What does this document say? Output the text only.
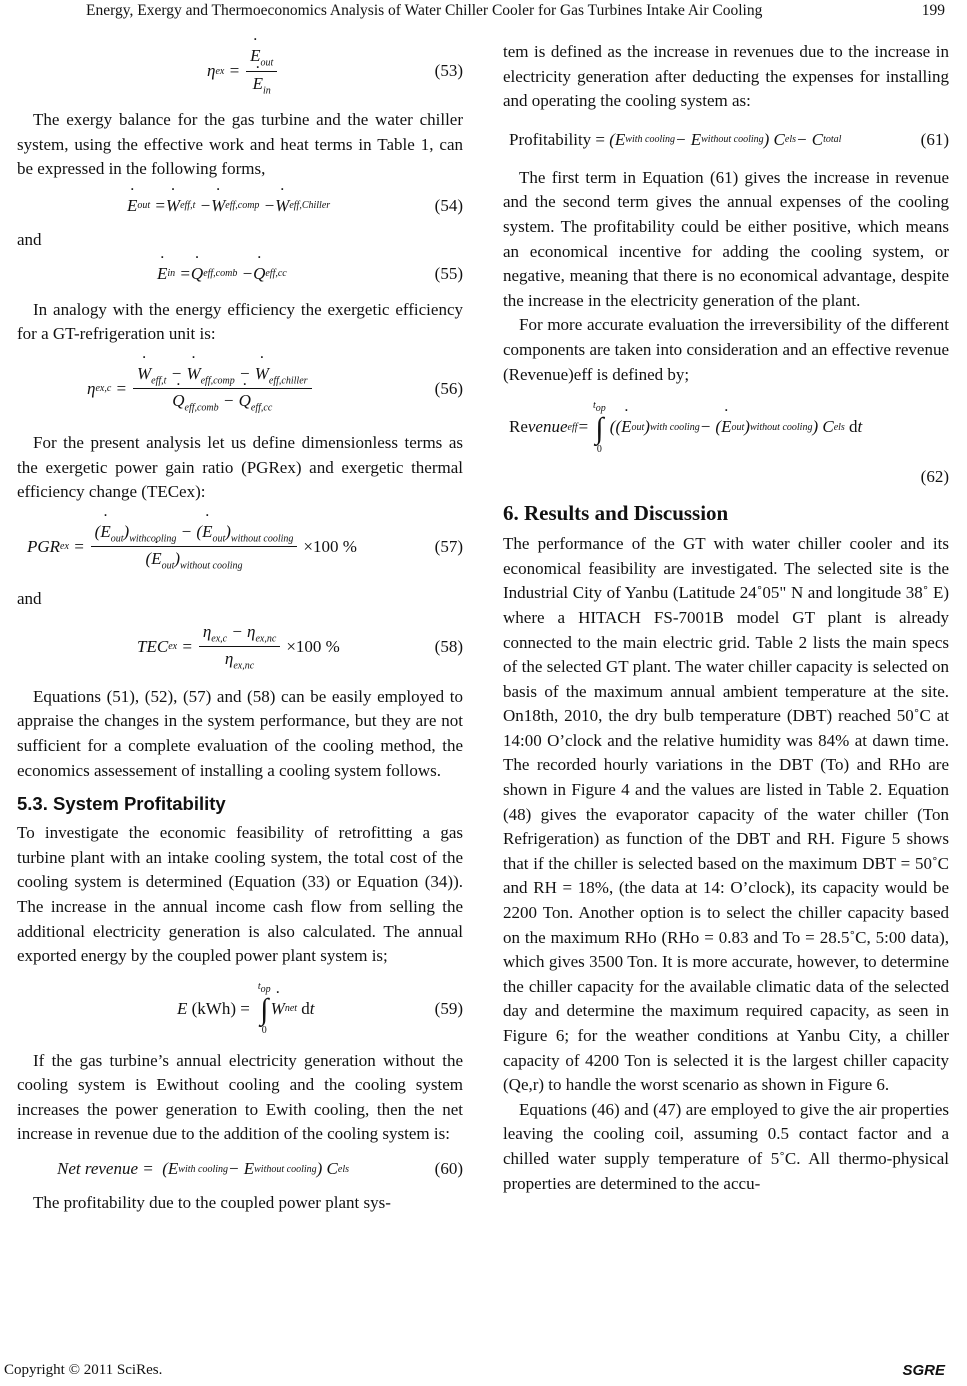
Energy, Exergy and Thermoeconomics Analysis of Water Chiller Cooler for Gas Turbines Intake Air Cooling	199
η ex = ˙ $E_{out}$
˙ $E_{in}$	(53)

The exergy balance for the gas turbine and the water chiller system, using the effective work and heat terms in Table 1, can be expressed in the following forms,

˙ E out = ˙ W eff,t − ˙ W eff,comp − ˙ W eff,Chiller	(54)

and

˙ E in = ˙ Q eff,comb − ˙ Q eff,cc	(55)

In analogy with the energy efficiency the exergetic efficiency for a GT-refrigeration unit is:

η ex,c = ˙ $W_{eff,t}$ − ˙ $W_{eff,comp}$ − ˙ $W_{eff,chiller}$
˙ $Q_{eff,comb}$ − ˙ $Q_{eff,cc}$	(56)

For the present analysis let us define dimensionless terms as the exergetic power gain ratio (PGRex) and exergetic thermal efficiency change (TECex):

PGR ex = $\frac{(˙ E_{out})_{withcooling} - (˙ E_{out})_{without cooling}}{(˙ E_{out})_{without cooling}} \times 100$ %	(57)

and

TEC ex = $\frac{\eta_{ex,c} - \eta_{ex,nc}}{\eta_{ex,nc}} \times 100$ %	(58)

Equations (51), (52), (57) and (58) can be easily employed to appraise the changes in the system performance, but they are not sufficient for a complete evaluation of the cooling method, the economics assessement of installing a cooling system follows.

5.3. System Profitability

To investigate the economic feasibility of retrofitting a gas turbine plant with an intake cooling system, the total cost of the cooling system is determined (Equation (33) or Equation (34)). The increase in the annual income cash flow from selling the additional electricity generation is also calculated. The annual exported energy by the coupled power plant system is;

E (kWh) =
$t_{op}$
∫
0
˙ W net
d t	(59)

If the gas turbine’s annual electricity generation without the cooling system is Ewithout cooling and the cooling system increases the power generation to Ewith cooling, then the net increase in revenue due to the addition of the cooling system is:

Net revenue =  (E with cooling − E without cooling ) C els	(60)

The profitability due to the coupled power plant sys-

tem is defined as the increase in revenues due to the increase in electricity generation after deducting the expenses for installing and operating the cooling system as:

Profitability = (E with cooling − E without cooling ) C els − C total	(61)

The first term in Equation (61) gives the increase in revenue and the second term gives the annual expenses of the cooling system. The profitability could be either positive, which means an economical incentive for adding the cooling system, or negative, meaning that there is no economical advantage, despite the increase in the electricity generation of the plant.

For more accurate evaluation the irreversibility of the different components are taken into consideration and an effective revenue (Revenue)eff is defined by;

Re venue eff =
$t_{op}$
∫
0
(( ˙ E out ) with cooling − ( ˙ E out ) without cooling ) C els
d t
(62)
6. Results and Discussion

The performance of the GT with water chiller cooler and its economical feasibility are investigated. The selected site is the Industrial City of Yanbu (Latitude 24˚05" N and longitude 38˚ E) where a HITACH FS-7001B model GT plant is already connected to the main electric grid. Table 2 lists the main specs of the selected GT plant. The water chiller capacity is selected on basis of the maximum annual ambient temperature at the site. On18th, 2010, the dry bulb temperature (DBT) reached 50˚C at 14:00 O’clock and the relative humidity was 84% at dawn time. The recorded hourly variations in the DBT (To) and RHo are shown in Figure 4 and the values are listed in Table 2. Equation (48) gives the evaporator capacity of the water chiller (Ton Refrigeration) as function of the DBT and RH. Figure 5 shows that if the chiller is selected based on the maximum DBT = 50˚C and RH = 18%, (the data at 14: O’clock), its capacity would be 2200 Ton. Another option is to select the chiller capacity based on the maximum RHo (RHo = 0.83 and To = 28.5˚C, 5:00 data), which gives 3500 Ton. It is more accurate, however, to determine the chiller capacity for the available climatic data of the selected day and determine the maximum required capacity, as seen in Figure 6; for the weather conditions at Yanbu City, a chiller capacity of 4200 Ton is selected it is the largest chiller capacity (Qe,r) to handle the worst scenario as shown in Figure 6.

Equations (46) and (47) are employed to give the air properties leaving the cooling coil, assuming 0.5 contact factor and a chilled water supply temperature of 5˚C. All thermo-physical properties are determined to the accu-

Copyright © 2011 SciRes.	SGRE
